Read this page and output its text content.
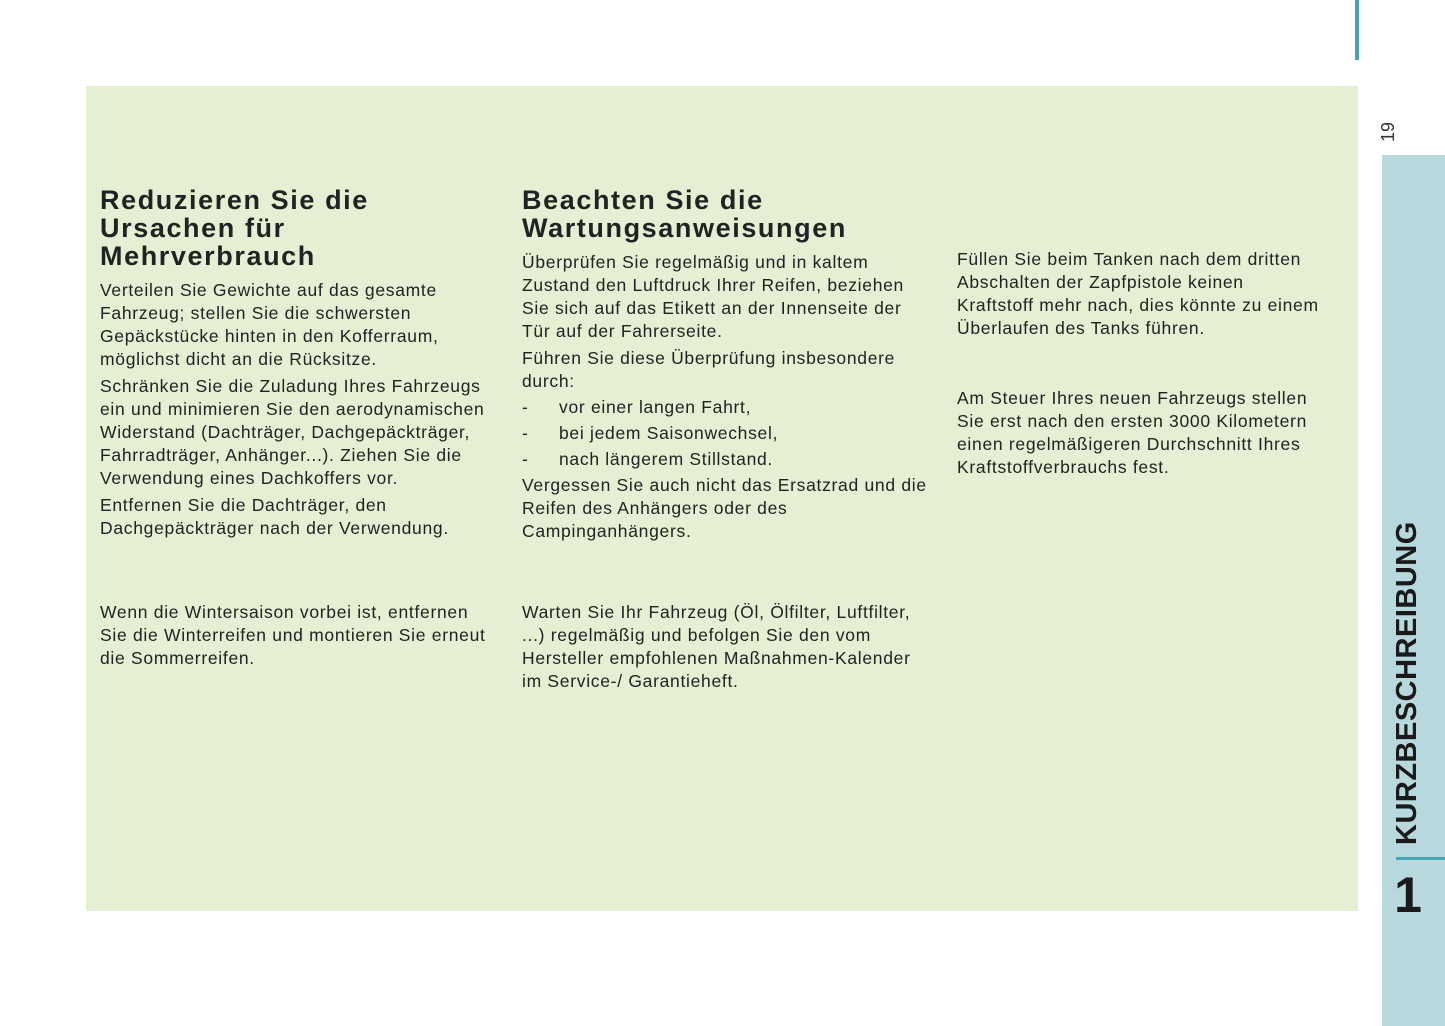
19
KURZBESCHREIBUNG
1
Reduzieren Sie die
Ursachen für Mehrverbrauch

Verteilen Sie Gewichte auf das gesamte Fahrzeug; stellen Sie die schwersten Gepäckstücke hinten in den Kofferraum, möglichst dicht an die Rücksitze.

Schränken Sie die Zuladung Ihres Fahrzeugs ein und minimieren Sie den aerodynamischen Widerstand (Dachträger, Dachgepäckträger, Fahrradträger, Anhänger...). Ziehen Sie die Verwendung eines Dachkoffers vor.

Entfernen Sie die Dachträger, den Dachgepäckträger nach der Verwendung.

Wenn die Wintersaison vorbei ist, entfernen Sie die Winterreifen und montieren Sie erneut die Sommerreifen.

Beachten Sie die
Wartungsanweisungen

Überprüfen Sie regelmäßig und in kaltem Zustand den Luftdruck Ihrer Reifen, beziehen Sie sich auf das Etikett an der Innenseite der Tür auf der Fahrerseite.

Führen Sie diese Überprüfung insbesondere durch:

- vor einer langen Fahrt,
- bei jedem Saisonwechsel,
- nach längerem Stillstand.

Vergessen Sie auch nicht das Ersatzrad und die Reifen des Anhängers oder des Campinganhängers.

Warten Sie Ihr Fahrzeug (Öl, Ölfilter, Luftfilter, ...) regelmäßig und befolgen Sie den vom Hersteller empfohlenen Maßnahmen-Kalender im Service-/ Garantieheft.

Füllen Sie beim Tanken nach dem dritten Abschalten der Zapfpistole keinen Kraftstoff mehr nach, dies könnte zu einem Überlaufen des Tanks führen.

Am Steuer Ihres neuen Fahrzeugs stellen Sie erst nach den ersten 3000 Kilometern einen regelmäßigeren Durchschnitt Ihres Kraftstoffverbrauchs fest.
